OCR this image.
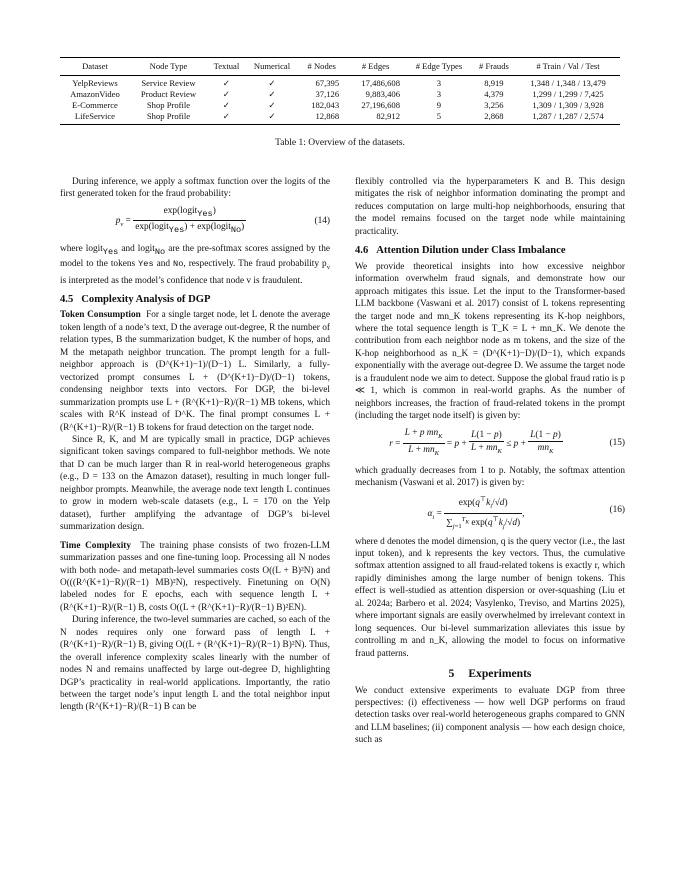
Dataset	Node Type	Textual	Numerical	# Nodes	# Edges	# Edge Types	# Frauds	# Train / Val / Test
YelpReviews	Service Review	✓	✓	67,395	17,486,608	3	8,919	1,348 / 1,348 / 13,479
AmazonVideo	Product Review	✓	✓	37,126	9,883,406	3	4,379	1,299 / 1,299 / 7,425
E-Commerce	Shop Profile	✓	✓	182,043	27,196,608	9	3,256	1,309 / 1,309 / 3,928
LifeService	Shop Profile	✓	✓	12,868	82,912	5	2,868	1,287 / 1,287 / 2,574
Table 1: Overview of the datasets.

During inference, we apply a softmax function over the logits of the first generated token for the fraud probability:

$p_v = \frac{\exp(logit_{Yes})}{\exp(logit_{Yes}) + \exp(logit_{No})}$	(14)

where logit$_{Yes}$ and logit$_{No}$ are the pre-softmax scores assigned by the model to the tokens Yes and No, respectively. The fraud probability $p_v$ is interpreted as the model’s confidence that node v is fraudulent.

4.5 Complexity Analysis of DGP

Token Consumption For a single target node, let L denote the average token length of a node’s text, D the average out-degree, R the number of relation types, B the summarization budget, K the number of hops, and M the metapath neighbor truncation. The prompt length for a full-neighbor approach is (D^(K+1)−1)/(D−1) L. Similarly, a fully-vectorized prompt consumes L + (D^(K+1)−D)/(D−1) tokens, condensing neighbor texts into vectors. For DGP, the bi-level summarization prompts use L + (R^(K+1)−R)/(R−1) MB tokens, which scales with R^K instead of D^K. The final prompt consumes L + (R^(K+1)−R)/(R−1) B tokens for fraud detection on the target node.

Since R, K, and M are typically small in practice, DGP achieves significant token savings compared to full-neighbor methods. We note that D can be much larger than R in real-world heterogeneous graphs (e.g., D = 133 on the Amazon dataset), resulting in much longer full-neighbor prompts. Meanwhile, the average node text length L continues to grow in modern web-scale datasets (e.g., L = 170 on the Yelp dataset), further amplifying the advantage of DGP’s bi-level summarization design.

Time Complexity The training phase consists of two frozen-LLM summarization passes and one fine-tuning loop. Processing all N nodes with both node- and metapath-level summaries costs O((L + B)²N) and O(((R^(K+1)−R)/(R−1) MB)²N), respectively. Finetuning on O(N) labeled nodes for E epochs, each with sequence length L + (R^(K+1)−R)/(R−1) B, costs O((L + (R^(K+1)−R)/(R−1) B)²EN).

During inference, the two-level summaries are cached, so each of the N nodes requires only one forward pass of length L + (R^(K+1)−R)/(R−1) B, giving O((L + (R^(K+1)−R)/(R−1) B)²N). Thus, the overall inference complexity scales linearly with the number of nodes N and remains unaffected by large out-degree D, highlighting DGP’s practicality in real-world applications. Importantly, the ratio between the target node’s input length L and the total neighbor input length (R^(K+1)−R)/(R−1) B can be

flexibly controlled via the hyperparameters K and B. This design mitigates the risk of neighbor information dominating the prompt and reduces computation on large multi-hop neighborhoods, ensuring that the model remains focused on the target node while maintaining practicality.

4.6 Attention Dilution under Class Imbalance

We provide theoretical insights into how excessive neighbor information overwhelm fraud signals, and demonstrate how our approach mitigates this issue. Let the input to the Transformer-based LLM backbone (Vaswani et al. 2017) consist of L tokens representing the target node and mn_K tokens representing its K-hop neighbors, where the total sequence length is T_K = L + mn_K. We denote the contribution from each neighbor node as m tokens, and the size of the K-hop neighborhood as n_K = (D^(K+1)−D)/(D−1), which expands exponentially with the average out-degree D. We assume the target node is a fraudulent node we aim to detect. Suppose the global fraud ratio is p ≪ 1, which is common in real-world graphs. As the number of neighbors increases, the fraction of fraud-related tokens in the prompt (including the target node itself) is given by:

$r = \frac{L + p mn_K}{L + mn_K} = p + \frac{L(1 - p)}{L + mn_K} \le p + \frac{L(1 - p)}{mn_K}$	(15)

which gradually decreases from 1 to p. Notably, the softmax attention mechanism (Vaswani et al. 2017) is given by:

$\alpha_i = \frac{\exp(q^⊤k_i/√d)}{\sum_{j=1}^{T_K} \exp(q^⊤k_j/√d)}$ ,	(16)

where d denotes the model dimension, q is the query vector (i.e., the last input token), and k represents the key vectors. Thus, the cumulative softmax attention assigned to all fraud-related tokens is exactly r, which rapidly diminishes among the large number of benign tokens. This effect is well-studied as attention dispersion or over-squashing (Liu et al. 2024a; Barbero et al. 2024; Vasylenko, Treviso, and Martins 2025), where important signals are easily overwhelmed by irrelevant context in long sequences. Our bi-level summarization alleviates this issue by controlling m and n_K, allowing the model to focus on informative fraud patterns.

5 Experiments

We conduct extensive experiments to evaluate DGP from three perspectives: (i) effectiveness — how well DGP performs on fraud detection tasks over real-world heterogeneous graphs compared to GNN and LLM baselines; (ii) component analysis — how each design choice, such as
